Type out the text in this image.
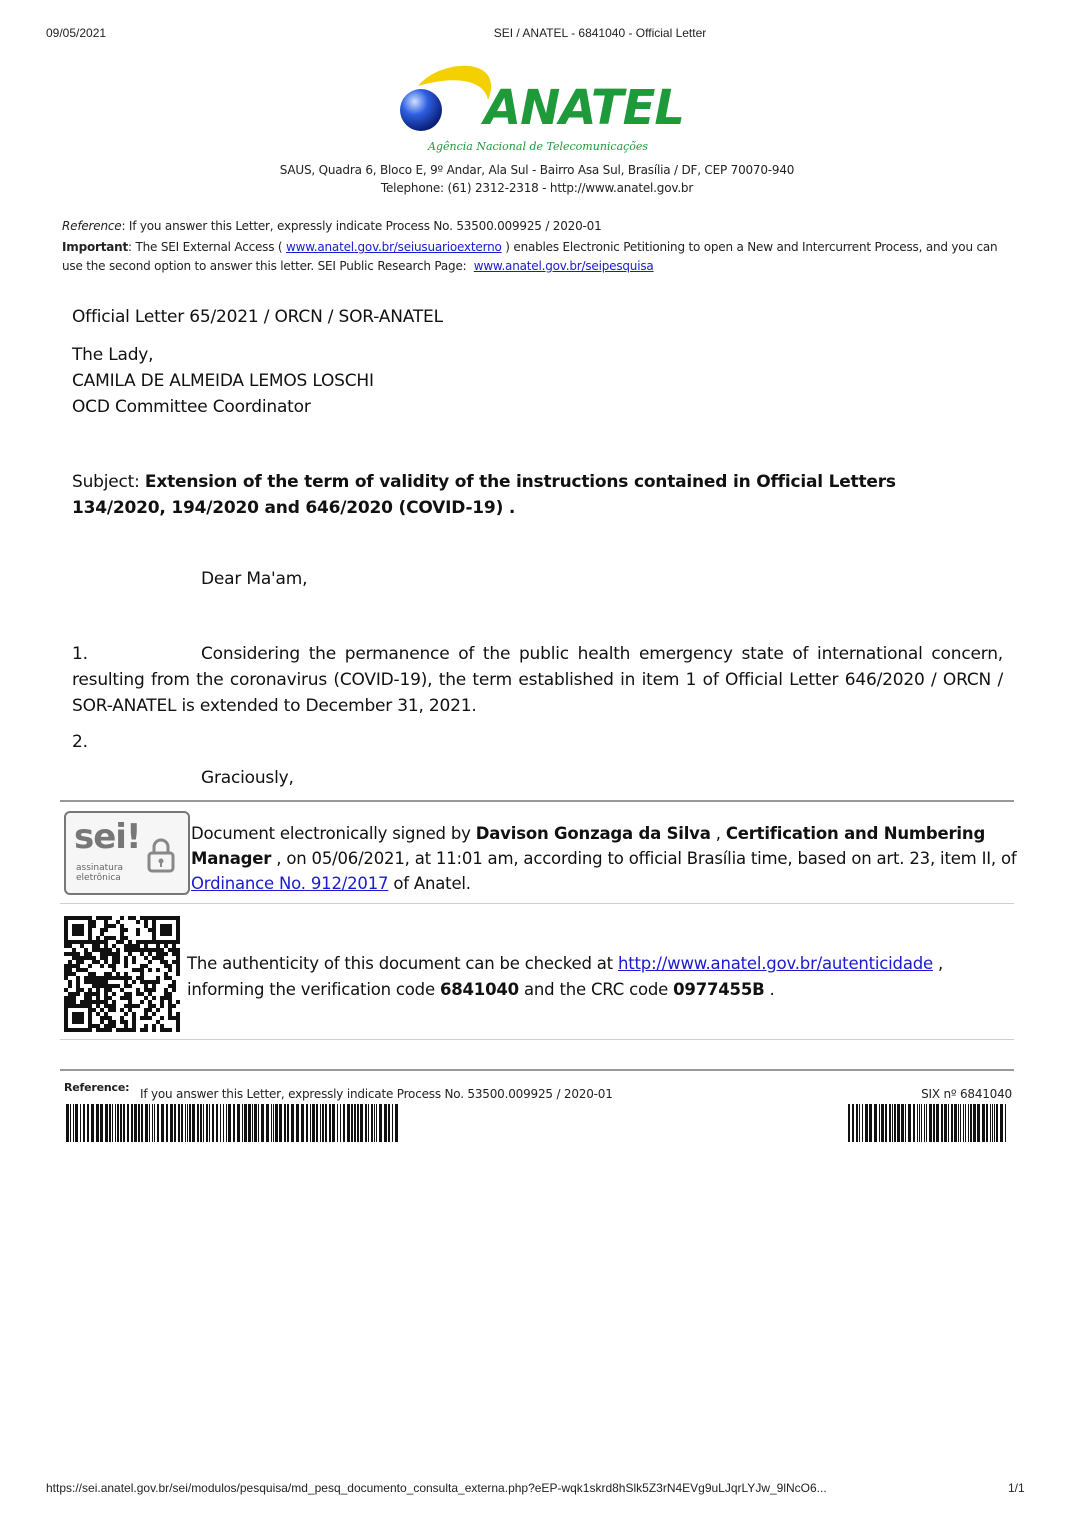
09/05/2021	SEI / ANATEL - 6841040 - Official Letter
ANATEL
Agência Nacional de Telecomunicações
SAUS, Quadra 6, Bloco E, 9º Andar, Ala Sul - Bairro Asa Sul, Brasília / DF, CEP 70070-940
Telephone: (61) 2312-2318 - http://www.anatel.gov.br
Reference: If you answer this Letter, expressly indicate Process No. 53500.009925 / 2020-01
Important: The SEI External Access ( www.anatel.gov.br/seiusuarioexterno ) enables Electronic Petitioning to open a New and Intercurrent Process, and you can use the second option to answer this letter. SEI Public Research Page: www.anatel.gov.br/seipesquisa
Official Letter 65/2021 / ORCN / SOR-ANATEL
The Lady,
CAMILA DE ALMEIDA LEMOS LOSCHI
OCD Committee Coordinator
Subject: Extension of the term of validity of the instructions contained in Official Letters 134/2020, 194/2020 and 646/2020 (COVID-19) .
Dear Ma'am,
1.	Considering the permanence of the public health emergency state of international concern, resulting from the coronavirus (COVID-19), the term established in item 1 of Official Letter 646/2020 / ORCN / SOR-ANATEL is extended to December 31, 2021.
2.
Graciously,
sei!
assinatura
eletrônica
Document electronically signed by Davison Gonzaga da Silva , Certification and Numbering Manager , on 05/06/2021, at 11:01 am, according to official Brasília time, based on art. 23, item II, of Ordinance No. 912/2017 of Anatel.
The authenticity of this document can be checked at http://www.anatel.gov.br/autenticidade , informing the verification code 6841040 and the CRC code 0977455B .
Reference: If you answer this Letter, expressly indicate Process No. 53500.009925 / 2020-01	SIX nº 6841040
https://sei.anatel.gov.br/sei/modulos/pesquisa/md_pesq_documento_consulta_externa.php?eEP-wqk1skrd8hSlk5Z3rN4EVg9uLJqrLYJw_9lNcO6...	1/1
